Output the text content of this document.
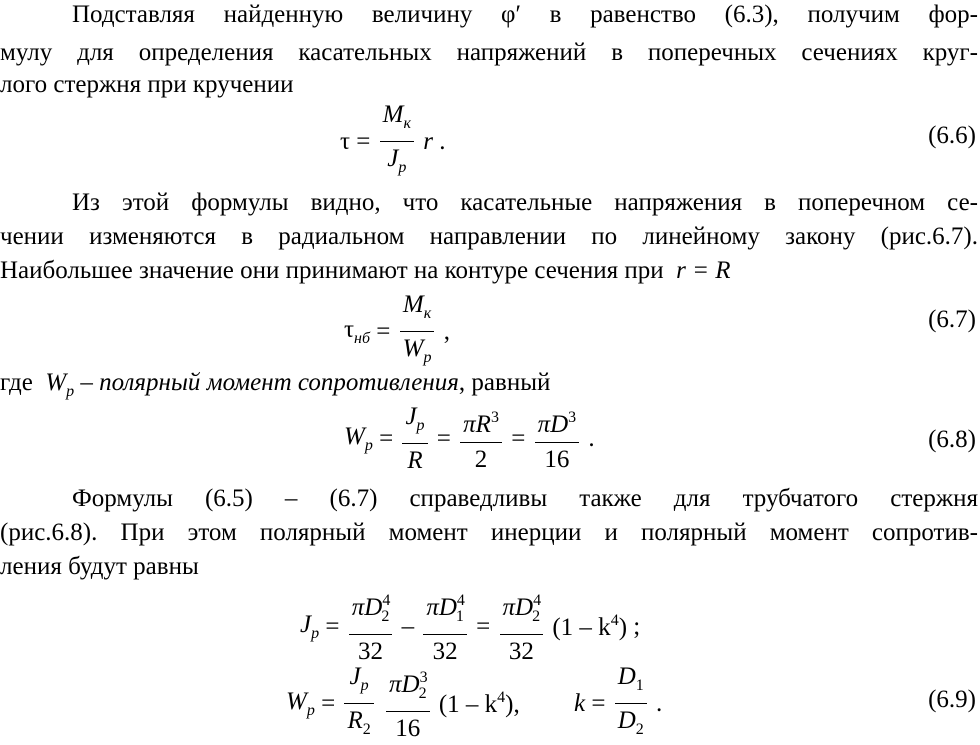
Подставляя найденную величину φ′ в равенство (6.3), получим фор-
мулу для определения касательных напряжений в поперечных сечениях круг-
лого стержня при кручении
$\tau = \frac{M_к}{J_p}$ r .	(6.6)
Из этой формулы видно, что касательные напряжения в поперечном се-
чении изменяются в радиальном направлении по линейному закону (рис.6.7).
Наибольшее значение они принимают на контуре сечения при r = R
$\tau_{нб} = \frac{M_к}{W_p}$ ,	(6.7)
где $W_p$ – полярный момент сопротивления, равный
$W_p = \frac{J_p}{R} = \frac{\pi R^3}{2} = \frac{\pi D^3}{16}$ .	(6.8)
Формулы (6.5) – (6.7) справедливы также для трубчатого стержня
(рис.6.8). При этом полярный момент инерции и полярный момент сопротив-
ления будут равны
$J_p = \frac{\pi D^4_2}{32} - \frac{\pi D^4_1}{32} = \frac{\pi D^4_2}{32} (1 - k^4)$ ;
$W_p = \frac{J_p}{R_2}$
$\frac{\pi D^3_2}{16} (1 - k^4)$, $k = \frac{D_1}{D_2}$ .	(6.9)
